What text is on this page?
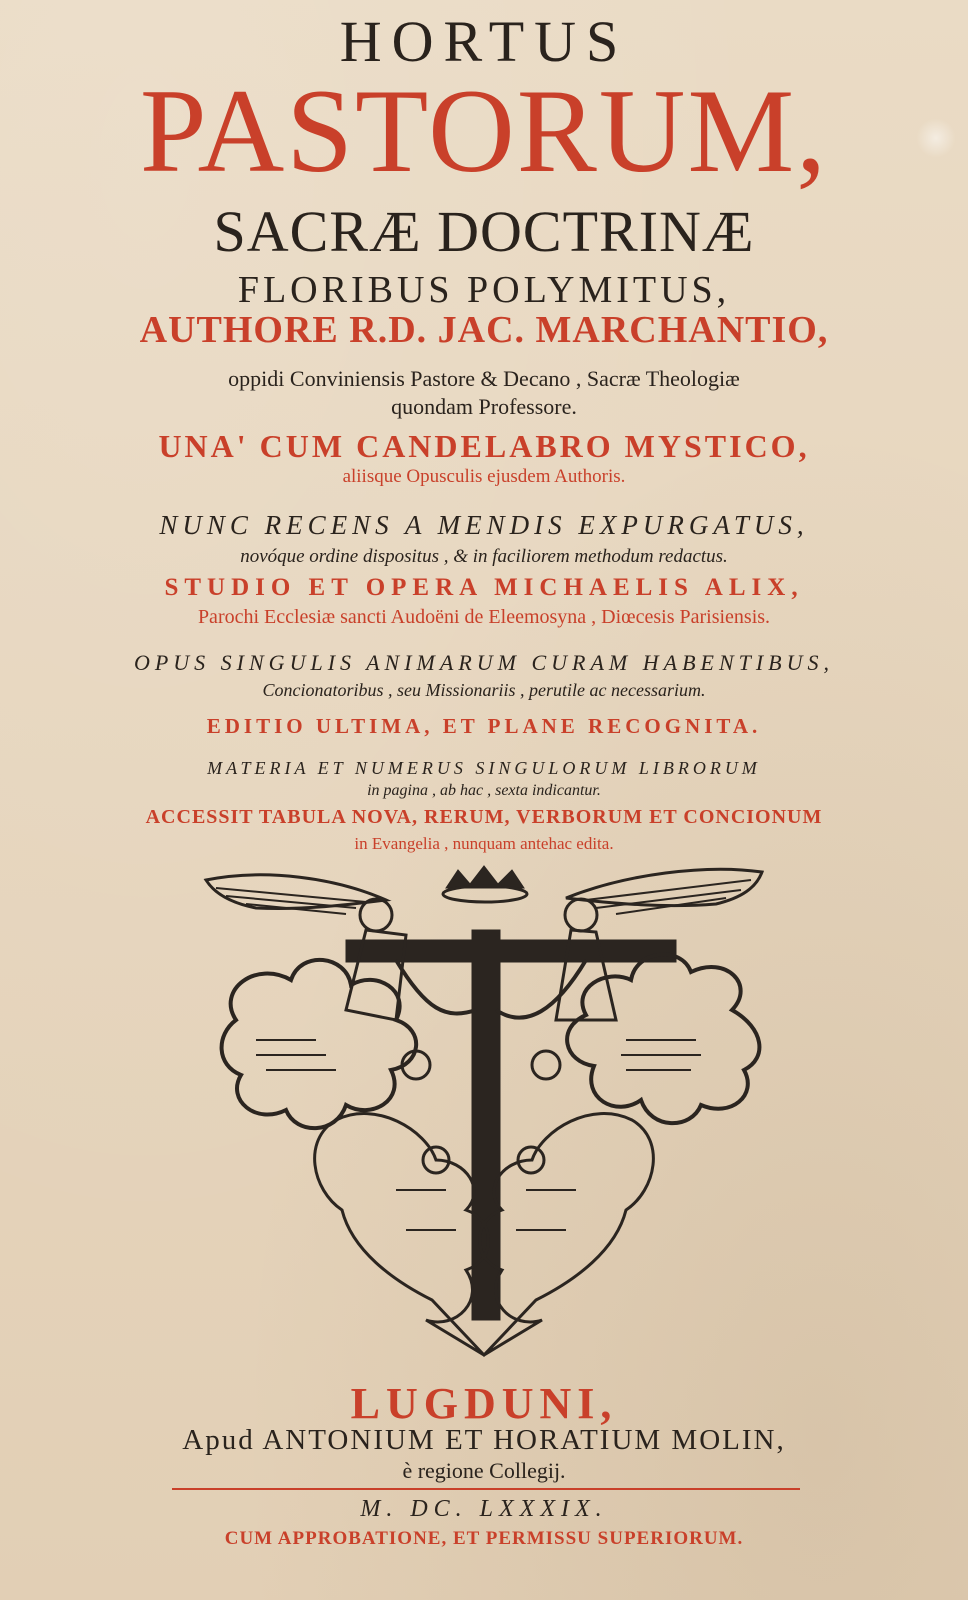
HORTUS
PASTORUM,
SACRÆ DOCTRINÆ
FLORIBUS POLYMITUS,
AUTHORE R.D. JAC. MARCHANTIO,
oppidi Conviniensis Pastore & Decano , Sacræ Theologiæ
quondam Professore.
UNA' CUM CANDELABRO MYSTICO,
aliisque Opusculis ejusdem Authoris.
NUNC RECENS A MENDIS EXPURGATUS,
novóque ordine dispositus , & in faciliorem methodum redactus.
STUDIO ET OPERA MICHAELIS ALIX,
Parochi Ecclesiæ sancti Audoëni de Eleemosyna , Diœcesis Parisiensis.
OPUS SINGULIS ANIMARUM CURAM HABENTIBUS,
Concionatoribus , seu Missionariis , perutile ac necessarium.
EDITIO ULTIMA, ET PLANE RECOGNITA.
MATERIA ET NUMERUS SINGULORUM LIBRORUM
in pagina , ab hac , sexta indicantur.
ACCESSIT TABULA NOVA, RERUM, VERBORUM ET CONCIONUM
in Evangelia , nunquam antehac edita.
LUGDUNI,
Apud ANTONIUM ET HORATIUM MOLIN,
è regione Collegij.
M. DC. LXXXIX.
CUM APPROBATIONE, ET PERMISSU SUPERIORUM.
